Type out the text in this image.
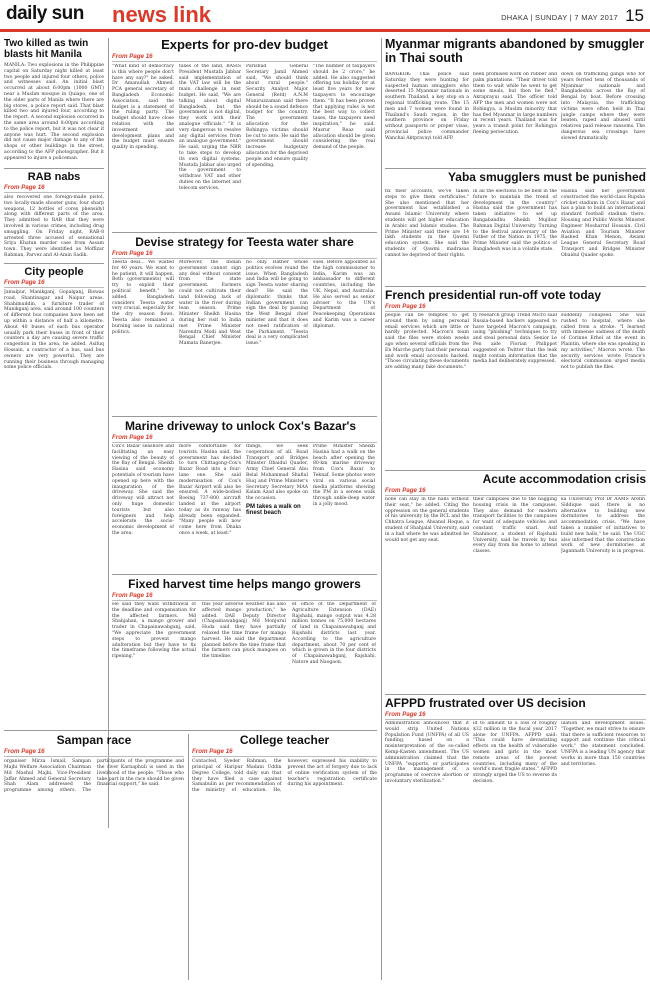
daily sun news link	DHAKA | SUNDAY | 7 MAY 2017 15
Two killed as twin blasts hit Manila
MANILA: Two explosions in the Philippine capital on Saturday night killed at least two people and injured four others, police and witnesses said. An initial blast occurred at about 6:00pm (1000 GMT) near a Muslim mosque in Quiapo, one of the older parts of Manila where there are big stores, a police report said. That blast killed two and injured four, according to the report. A second explosion occurred in the same area around 8:00pm according to the police report, but it was not clear if anyone was hurt. The second explosion did not cause major damage to any of the shops or other buildings in the street, according to the AFP photographer. But it appeared to injure a policeman.
RAB nabs
From Page 16
also recovered one foreign-made pistol, two locally-made shooter guns, four sharp weapons, 12 bottles of corex phensidyl along with different parts of the area. They admitted to RAB that they were involved in various crimes, including drug smuggling. On Friday night, RAB-8 arrested three accused of sensational Sriya Khatun murder case from Assam town. They were identified as Moffizar Rahman, Parvez and Al-Amin Sadik.
City people
From Page 16
Jamalpur, Manikganj, Gopalganj, Biswas road, Shantinagar and Naipur areas. Shahimuddin, a furniture trader of Manikganj area, said around 100 counters of different bus companies have been set up within a distance of half a kilometre. About 40 buses of each bus operator usually park their buses in front of their counters a day are causing severe traffic congestion in the area, he added. Asifuq Hossain, a contractor of a bus, said bus owners are very powerful. They are running their business through managing some police officials.
Experts for pro-dev budget
From Page 16
"What kind of democracy is this where people don't have any say?" he asked. Dr Amanullah Ahmed, PCA general secretary of Bangladesh Economic Association, said the budget is a statement of the ruling party. The budget should have close relation with the investment and development plans and the budget must ensure quality in spending.
taxes of the land, BASIS President Mustafa Jabbar said implementation of the VAT law will be the main challenge in next budget. He said, "We are talking about digital Bangladesh, but the government is not digital, they work with their analogue officials." "It is very dangerous to resolve any digital services from an analogue government." He said, urging the NBR to take steps to develop its own digital systems. Mustafa Jabbar also urged the government to withdraw VAT and other duties on the internet and telecom services.
Parishad General Secretary Jamil Ahmed said, "We should think about rural people." Security Analyst Major General (Retd) A.N.M Muniruzzaman said there should be a sound defence budget for the country. The government allocation for the Rohingya victims should be cut to zero. He said the government should increase budgetary allocation for the deprived people and ensure quality of spending.
"The number of taxpayers should be 2 crore," he added. He also suggested offering tax holiday for at least five years for new taxpayers to encourage them. "It has been proven that applying rules is not the best way to collect taxes, the taxpayers need inspiration," he said. Masrur Reaz said allocation should be given considering the real demand of the people.
Devise strategy for Teesta water share
From Page 16
Teesta deal... We waited for 40 years. We want to be patient, it will happen, Both (governments) will try to exploit their political benefit," he added. Bangladesh considers Teesta water very crucial, especially for the dry season flows. Teesta also remained a burning issue in national politics.
Moreover, the Indian government cannot sign any deal without consent from the state government. Farmers could not cultivate their land following lack of water in the river during lean season. Prime Minister Sheikh Hasina during her visit to India met Prime Minister Narendra Modi and West Bengal Chief Minister Mamata Banerjee.
no only. Rather whole politics evolves round the issue. When Bangladesh and India will be going to sign Teesta water sharing deal? He said the diplomatic thinks that Indian government can sign the deal by passing the West Bengal chief minister and that it does not need ratification of the Parliament. "Teesta deal is a very complicated issue."
sues. Before appointed as the high commissioner to India, Karim was an ambassador to different countries, including the UK, Nepal, and Australia. He also served as senior adviser to the UN's Department of Peacekeeping Operations and Karim was a career diplomat.
Marine driveway to unlock Cox's Bazar's
From Page 16
Cox's Bazar seashore and facilitating an easy viewing of the beauty of the Bay of Bengal. Sheikh Hasina said economy potentials of tourism have opened up here with the inauguration of the driveway. She said the driveway will attract not only huge domestic tourists but also foreigners and help accelerate the socio-economic development of the area.
more comfortable for tourists. Hasina said, the government has decided to turn Chittagong-Cox's Bazar Road into a four-lane one. She said modernisation of Cox's Bazar Airport will also be ensured. A wide-bodied Boeing 737-800 aircraft landed at the airport today as its runway has already been expanded. "Many people will now come here from Dhaka once a week, at least."
things, we seek cooperation of all. Road Transport and Bridges Minister Obaidul Quader, Army Chief General Abu Belal Mohammad Shafiul Huq and Prime Minister's Secretary Secretary MAA Kalam Azad also spoke on the occasion.
PM takes a walk on finest beach
Prime Minister Sheikh Hasina had a walk on the beach after opening the 80-km marine driveway from Cox's Bazar to Teknaf. Some photos were viral on various social media platforms showing the PM in a serene walk through ankle-deep water in a jolly mood.
Fixed harvest time helps mango growers
From Page 16
He said they want withdrawal of the deadline and compensation for the affected farmers. Md Shahjahan, a mango grower and trader in Chapainawabganj, said, "We appreciate the government steps to prevent mango adulteration but they have to fix the timeframe following the actual ripening."
this year adverse weather has also affected mango production," he added. DAE Deputy Director (Chapainawabganj) Md Monjurul Huda said they have partially relaxed the time frame for mango harvest. He said the department planned before the time frame that the farmers can pluck mangoes on the timeline.
ef office of the Department of Agriculture Extension (DAE) Rajshahi, mango output was 4.28 million tonnes on 75,000 hectares of land in Chapainawabganj and Rajshahi districts last year. According to the agriculture department, about 70 per cent of which is grown in the four districts of Chapainawabganj, Rajshahi, Natore and Naogaon.
Sampan race
From Page 16
organiser Mirza Ismail, Sampan Majhi Welfare Association Chairman Md Mashul Majhi, Vice-President Jaffar Ahmed and General Secretary Shah Alam addressed the programme among others. The participants of the programme and the river Karnaphuli is used in the livelihood of the people. "Those who take part in the race should be given financial support," he said.
College teacher
From Page 16
Contacted, Syeder Rahman, the principal of Haripur Madani Uddin Degree College, told daily sun that they have filed a case against Samabulin as per recommendation of the ministry of education. He, however, expressed his inability to prevent the act of forgery due to lack of online verification system of the teacher's registration certificate during his appointment.
Myanmar migrants abandoned by smuggler in Thai south
BANGKOK: Thai police said Saturday they were hunting for suspected human smugglers who deserted 15 Myanmar nationals in southern Thailand, a key stop on a regional trafficking route. The 15 men and 7 women were found in Thailand's Saudi region, in the southern province on Friday without passports or proper visas, provincial police commander Wanchai Aktpravayi told AFP.
been promised work on rubber and palm plantations. "Their driver told them to wait while he went to get some meals, but then he fled," Akraprayui said. The officer told AFP the men and women were not Rohingya, a Muslim minority that has fled Myanmar in large numbers in recent years. Thailand was for years a transit point for Rohingya fleeing persecution.
down on trafficking gangs who for years ferried tens of thousands of Myanmar nationals and Bangladeshis across the Bay of Bengal by boat. Before crossing into Malaysia, the trafficking victims were often held in Thai jungle camps where they were beaten, raped and abused until relatives paid release ransoms. The dangerous sea crossings have slowed dramatically.
Yaba smugglers must be punished
fix their accounts, we've taken steps to give them certificates." She also mentioned that her government has established a Awami Islamic University where students will get higher education in Arabic and Islamic studies. The Prime Minister said there are 14 lakh students in the Qawmi education system. She said the students of Qawmi madrasas cannot be deprived of their rights.
in all the elections to be held in the future to maintain the trend of development in the country." Hasina said the government has taken initiative to set up Bangabandhu Sheikh Mujibur Rahman Digital University. Turning to the festival anniversary of the Father of the Nation in 1975, the Prime Minister said the politics of Bangladesh was in a volatile state.
Hasina said her government constructed the world-class Rupsha cricket stadium in Cox's Bazar and has a plan to build an international standard football stadium there. Housing and Public Works Minister Engineer Mosharraf Hossain, Civil Aviation and Tourism Minister Rashed Khan Menon, Awami League General Secretary Road Transport and Bridges Minister Obaidul Quader spoke.
French presidential run-off vote today
From Page 16
people can be tempted to get around them by using personal email services which are little or hardly protected. Macron's team said the files were stolen weeks ago when several officials from the En Marche party had their personal and work email accounts hacked. "Those circulating these documents are adding many fake documents."
ty research group Trend Micro said Russia-based hackers appeared to have targeted Macron's campaign, using "phishing" techniques to try and steal personal data. Senior Le Pen aide Florian Philippot suggested on Twitter that the leak might contain information that the media had deliberately suppressed.
suddenly collapsed. She was rushed to hospital, where she called from a stroke. "I learned with immense sadness of the death of Corinne Erhel at the event in Plaintin, where she was speaking in my activities," Macron wrote. The security services wrote France's electoral commission urged media not to publish the files.
Acute accommodation crisis
From Page 16
none can stay in the halls without their seat," he added. Citing the oppression on the general students of his university by the BCL and the Chhatra League, Ahsanul Hoque, a student of Shahjalal University, said in a hall where he was admitted he would not get any seat.
their campuses due to the nagging housing crisis in the campuses. They also demand for modern transport facilities to the campuses for want of adequate vehicles and constant traffic snarl. Asif Shahinoor, a student of Rajshahi University, said he travels by bus every day from his home to attend classes.
ka University Prof Dr AAMS Arefin Siddique said there is no alternative to building new dormitories to address the accommodation crisis. "We have taken a number of initiatives to build new halls," he said. The UGC also informed that the construction work of new dormitories at Jagannath University is in progress.
AFPPD frustrated over US decision
From Page 16
Administration announced that it would strip United Nations Population Fund (UNFPA) of all US funding, based on a misinterpretation of the so-called Kemp-Kasten amendment. The US administration claimed that the UNFPA "supports, or participates in the management of, a programme of coercive abortion or involuntary sterilization."
id to amount to a loss of roughly $32 million in the fiscal year 2017 alone for UNFPA. AFPPD said: "This could have devastating effects on the health of vulnerable women and girls in the most remote areas of the poorest countries, including many of the world's most fragile states." AFPPD strongly urged the US to reverse its decision.
ulation and development issues. "Together, we must strive to ensure that there is sufficient resources to support and continue this critical work," the statement concluded. UNFPA is a leading UN agency that works in more than 150 countries and territories.
